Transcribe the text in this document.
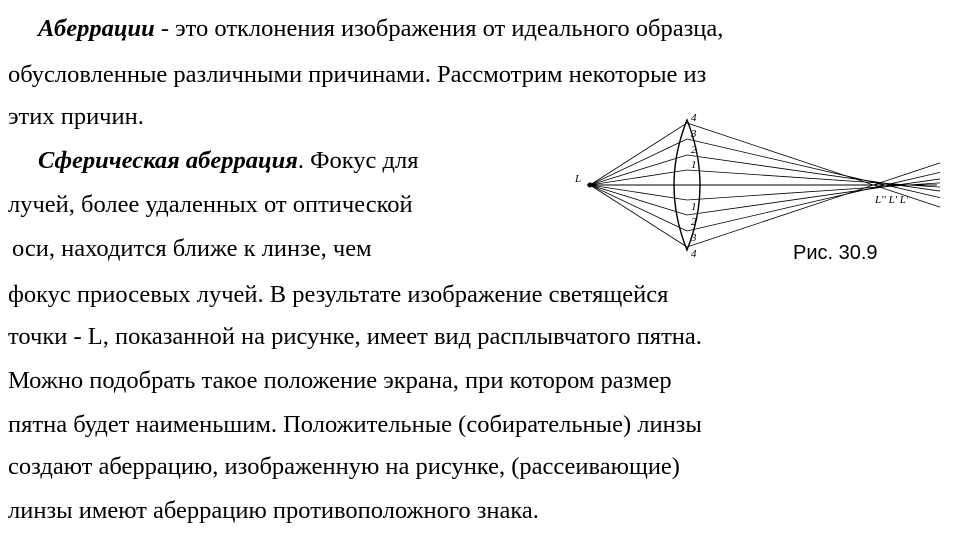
Аберрации - это отклонения изображения от идеального образца,
обусловленные различными причинами. Рассмотрим некоторые из
этих причин.
Сферическая аберрация. Фокус для
лучей, более удаленных от оптической
оси, находится ближе к линзе, чем
фокус приосевых лучей. В результате изображение светящейся
точки - L, показанной на рисунке, имеет вид расплывчатого пятна.
Можно подобрать такое положение экрана, при котором размер
пятна будет наименьшим. Положительные (собирательные) линзы
создают аберрацию, изображенную на рисунке, (рассеивающие)
линзы имеют аберрацию противоположного знака.
L
L'' L' L'
4
3
2
1
1
2
3
4	Рис. 30.9
